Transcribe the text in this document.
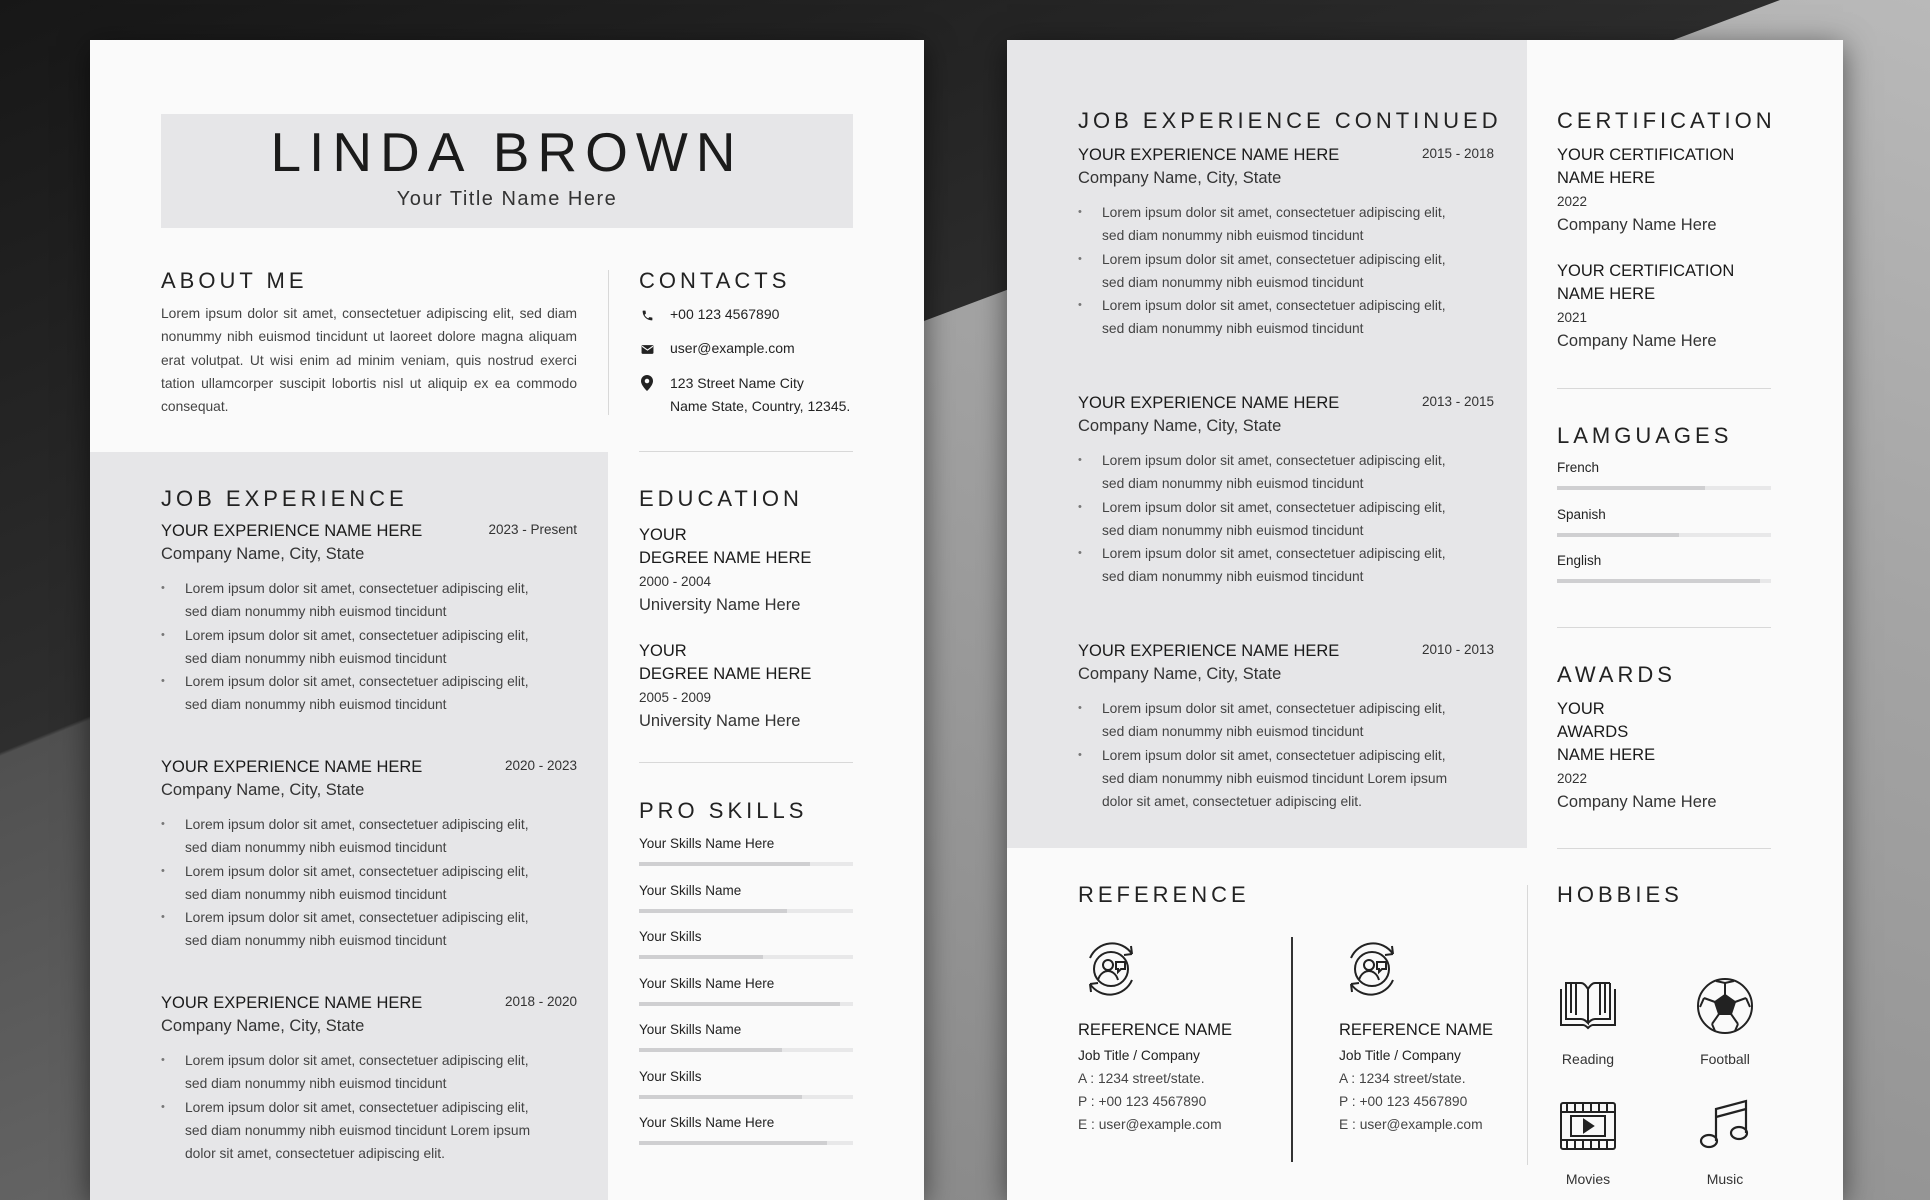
LINDA BROWN
Your Title Name Here
ABOUT ME
Lorem ipsum dolor sit amet, consectetuer adipiscing elit, sed diam nonummy nibh euismod tincidunt ut laoreet dolore magna aliquam erat volutpat. Ut wisi enim ad minim veniam, quis nostrud exerci tation ullamcorper suscipit lobortis nisl ut aliquip ex ea commodo consequat.
CONTACTS
+00 123 4567890
user@example.com
123 Street Name City
Name State, Country, 12345.
JOB EXPERIENCE
YOUR EXPERIENCE NAME HERE	2023 - Present
Company Name, City, State
• Lorem ipsum dolor sit amet, consectetuer adipiscing elit,
sed diam nonummy nibh euismod tincidunt
• Lorem ipsum dolor sit amet, consectetuer adipiscing elit,
sed diam nonummy nibh euismod tincidunt
• Lorem ipsum dolor sit amet, consectetuer adipiscing elit,
sed diam nonummy nibh euismod tincidunt
YOUR EXPERIENCE NAME HERE	2020 - 2023
Company Name, City, State
• Lorem ipsum dolor sit amet, consectetuer adipiscing elit,
sed diam nonummy nibh euismod tincidunt
• Lorem ipsum dolor sit amet, consectetuer adipiscing elit,
sed diam nonummy nibh euismod tincidunt
• Lorem ipsum dolor sit amet, consectetuer adipiscing elit,
sed diam nonummy nibh euismod tincidunt
YOUR EXPERIENCE NAME HERE	2018 - 2020
Company Name, City, State
• Lorem ipsum dolor sit amet, consectetuer adipiscing elit,
sed diam nonummy nibh euismod tincidunt
• Lorem ipsum dolor sit amet, consectetuer adipiscing elit,
sed diam nonummy nibh euismod tincidunt Lorem ipsum
dolor sit amet, consectetuer adipiscing elit.
EDUCATION
YOUR
DEGREE NAME HERE
2000 - 2004
University Name Here
YOUR
DEGREE NAME HERE
2005 - 2009
University Name Here
PRO SKILLS
Your Skills Name Here
Your Skills Name
Your Skills
Your Skills Name Here
Your Skills Name
Your Skills
Your Skills Name Here
JOB EXPERIENCE CONTINUED
YOUR EXPERIENCE NAME HERE	2015 - 2018
Company Name, City, State
• Lorem ipsum dolor sit amet, consectetuer adipiscing elit,
sed diam nonummy nibh euismod tincidunt
• Lorem ipsum dolor sit amet, consectetuer adipiscing elit,
sed diam nonummy nibh euismod tincidunt
• Lorem ipsum dolor sit amet, consectetuer adipiscing elit,
sed diam nonummy nibh euismod tincidunt
YOUR EXPERIENCE NAME HERE	2013 - 2015
Company Name, City, State
• Lorem ipsum dolor sit amet, consectetuer adipiscing elit,
sed diam nonummy nibh euismod tincidunt
• Lorem ipsum dolor sit amet, consectetuer adipiscing elit,
sed diam nonummy nibh euismod tincidunt
• Lorem ipsum dolor sit amet, consectetuer adipiscing elit,
sed diam nonummy nibh euismod tincidunt
YOUR EXPERIENCE NAME HERE	2010 - 2013
Company Name, City, State
• Lorem ipsum dolor sit amet, consectetuer adipiscing elit,
sed diam nonummy nibh euismod tincidunt
• Lorem ipsum dolor sit amet, consectetuer adipiscing elit,
sed diam nonummy nibh euismod tincidunt Lorem ipsum
dolor sit amet, consectetuer adipiscing elit.
CERTIFICATION
YOUR CERTIFICATION
NAME HERE
2022
Company Name Here
YOUR CERTIFICATION
NAME HERE
2021
Company Name Here
LAMGUAGES
French
Spanish
English
AWARDS
YOUR
AWARDS
NAME HERE
2022
Company Name Here
REFERENCE
REFERENCE NAME
Job Title / Company
A : 1234 street/state.
P : +00 123 4567890
E : user@example.com
REFERENCE NAME
Job Title / Company
A : 1234 street/state.
P : +00 123 4567890
E : user@example.com
HOBBIES
Reading	Football
Movies	Music
